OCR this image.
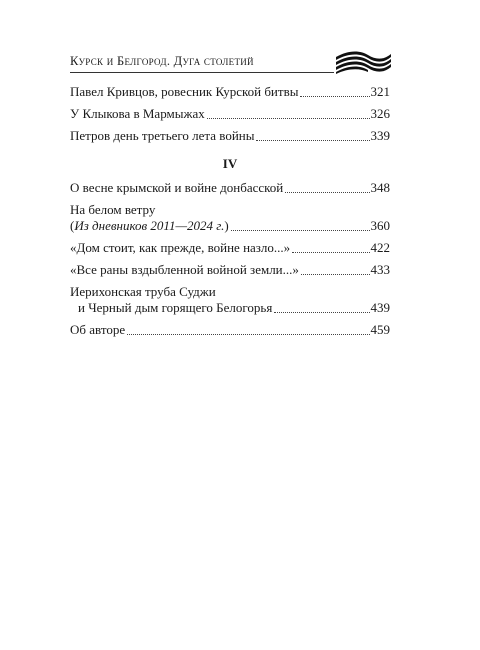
Курск и Белгород. Дуга столетий
Павел Кривцов, ровесник Курской битвы	321
У Клыкова в Мармыжах	326
Петров день третьего лета войны	339
IV
О весне крымской и войне донбасской	348
На белом ветру
(Из дневников 2011—2024 г.)	360
«Дом стоит, как прежде, войне назло...»	422
«Все раны вздыбленной войной земли...»	433
Иерихонская труба Суджи
и Черный дым горящего Белогорья	439
Об авторе	459
